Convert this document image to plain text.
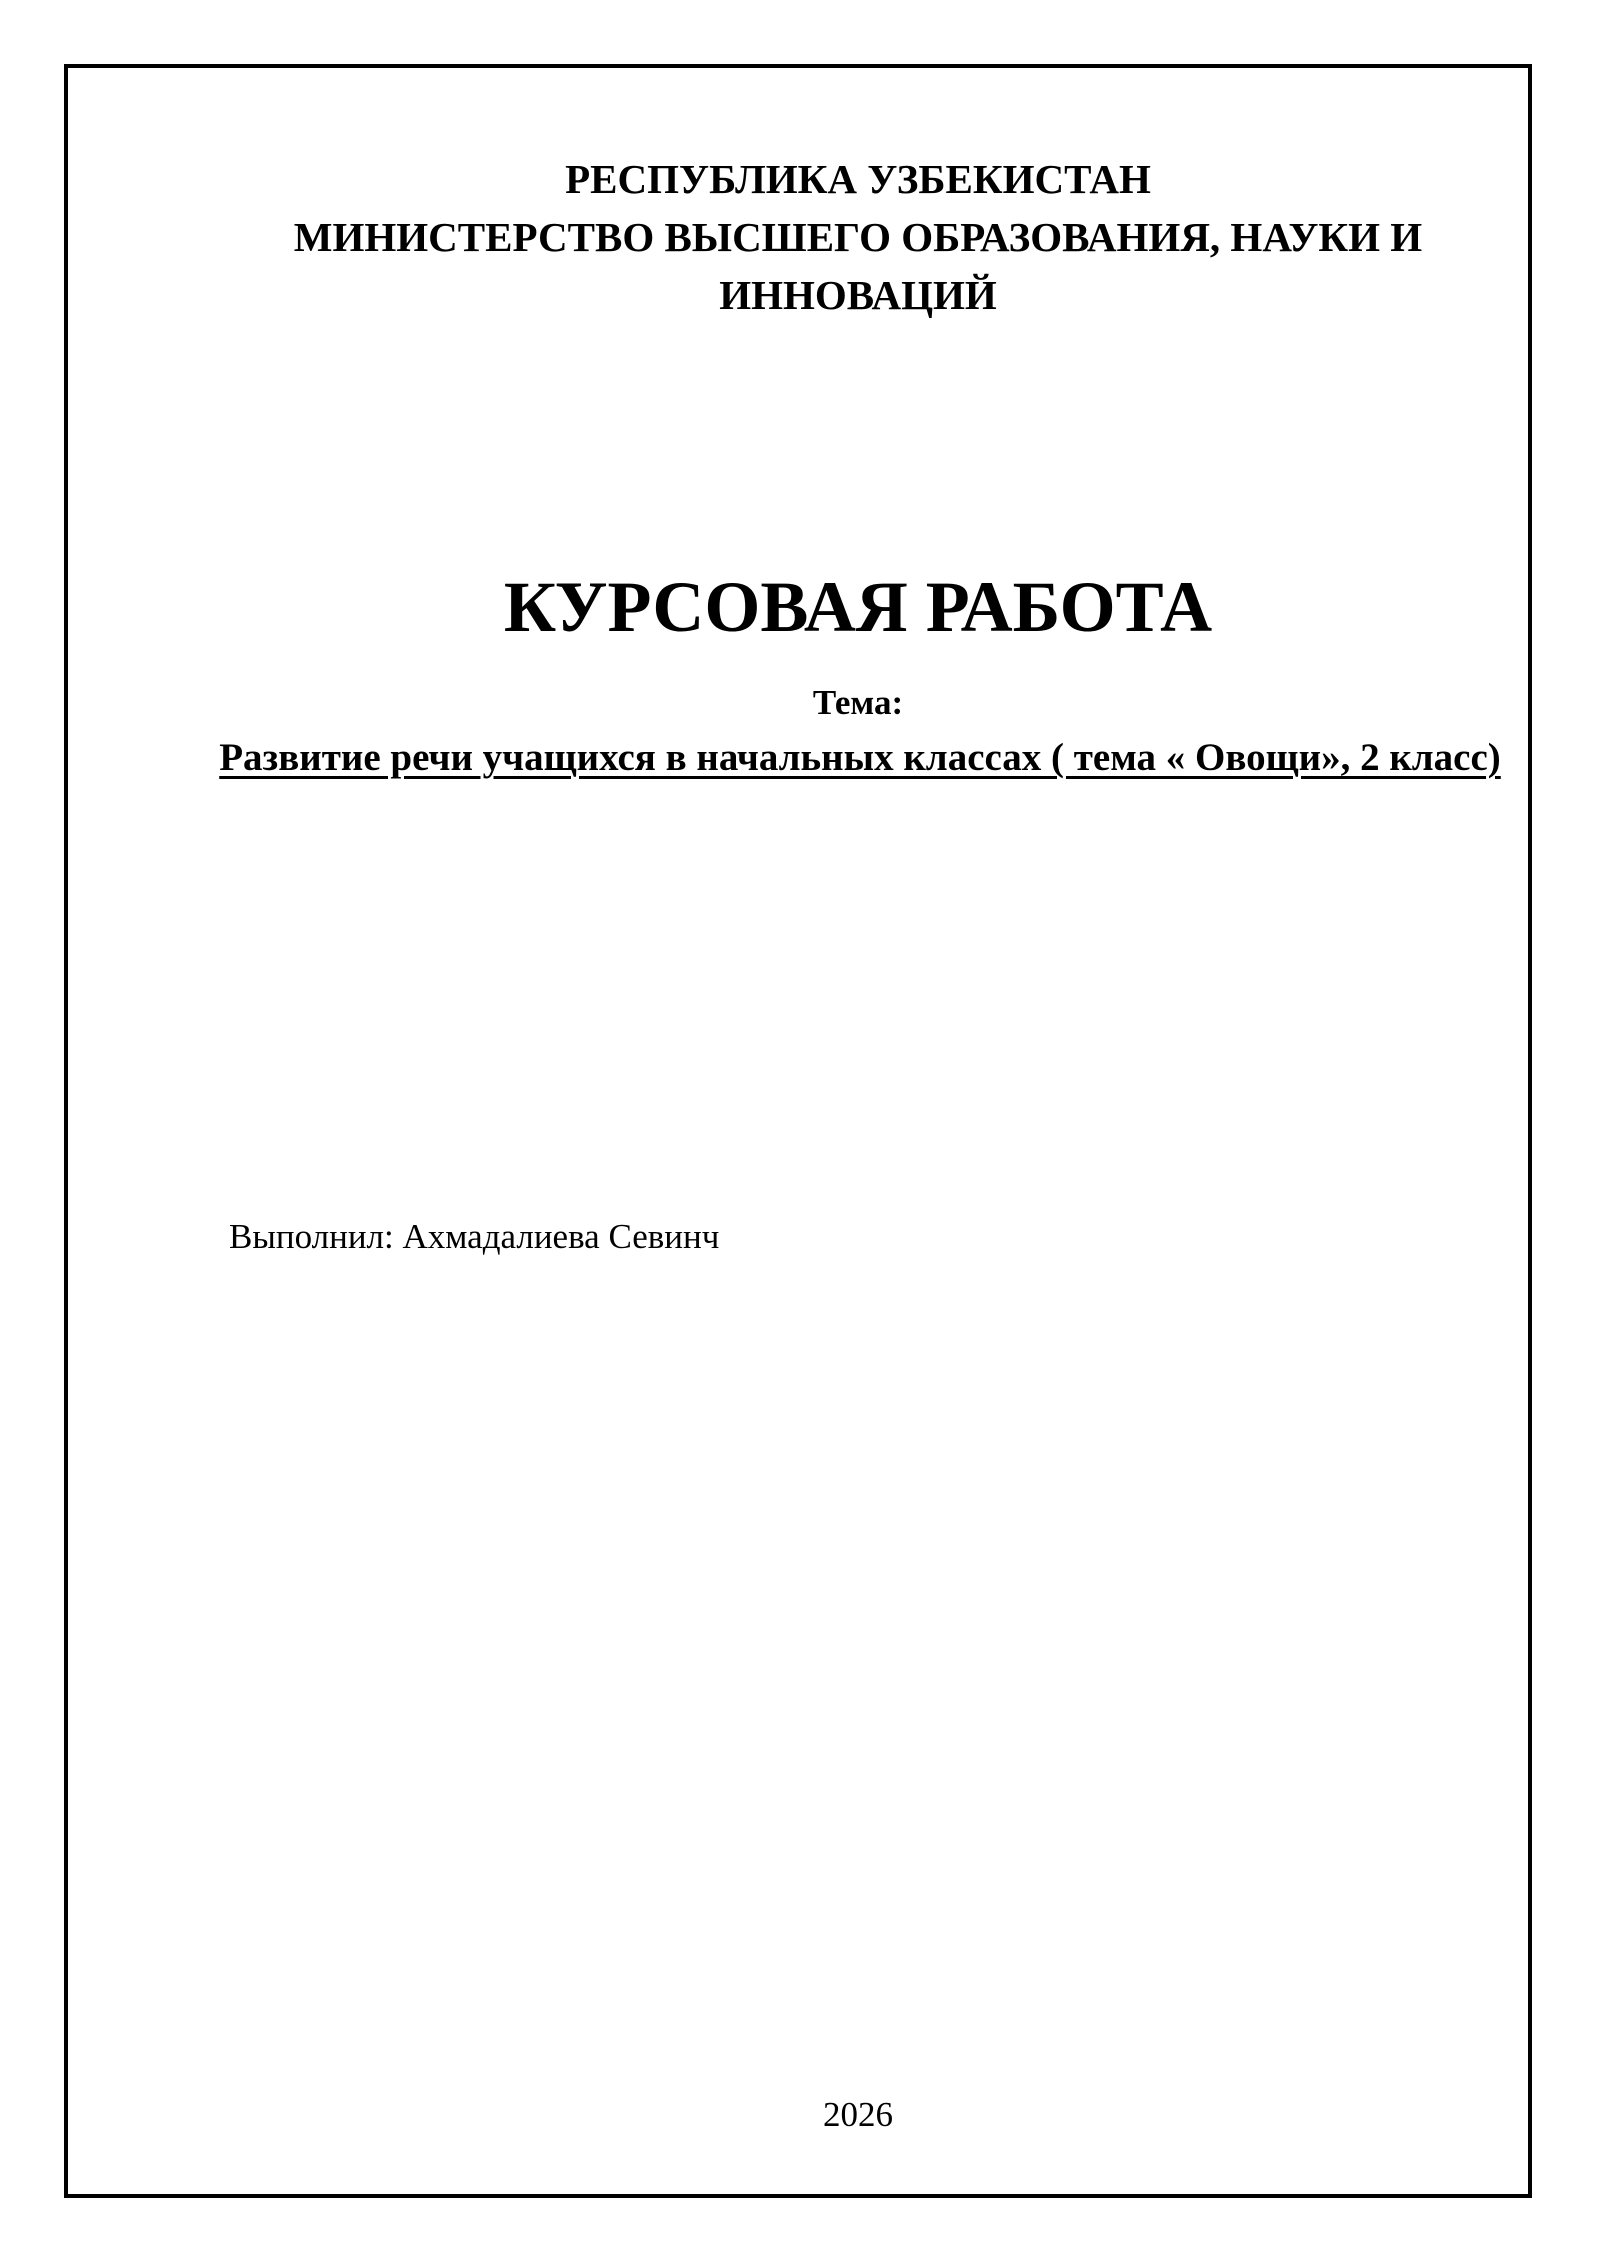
РЕСПУБЛИКА УЗБЕКИСТАН
МИНИСТЕРСТВО ВЫСШЕГО ОБРАЗОВАНИЯ, НАУКИ И ИННОВАЦИЙ
КУРСОВАЯ РАБОТА
Тема:
Развитие речи учащихся в начальных классах ( тема « Овощи», 2 класс)
Выполнил: Ахмадалиева Севинч
2026
